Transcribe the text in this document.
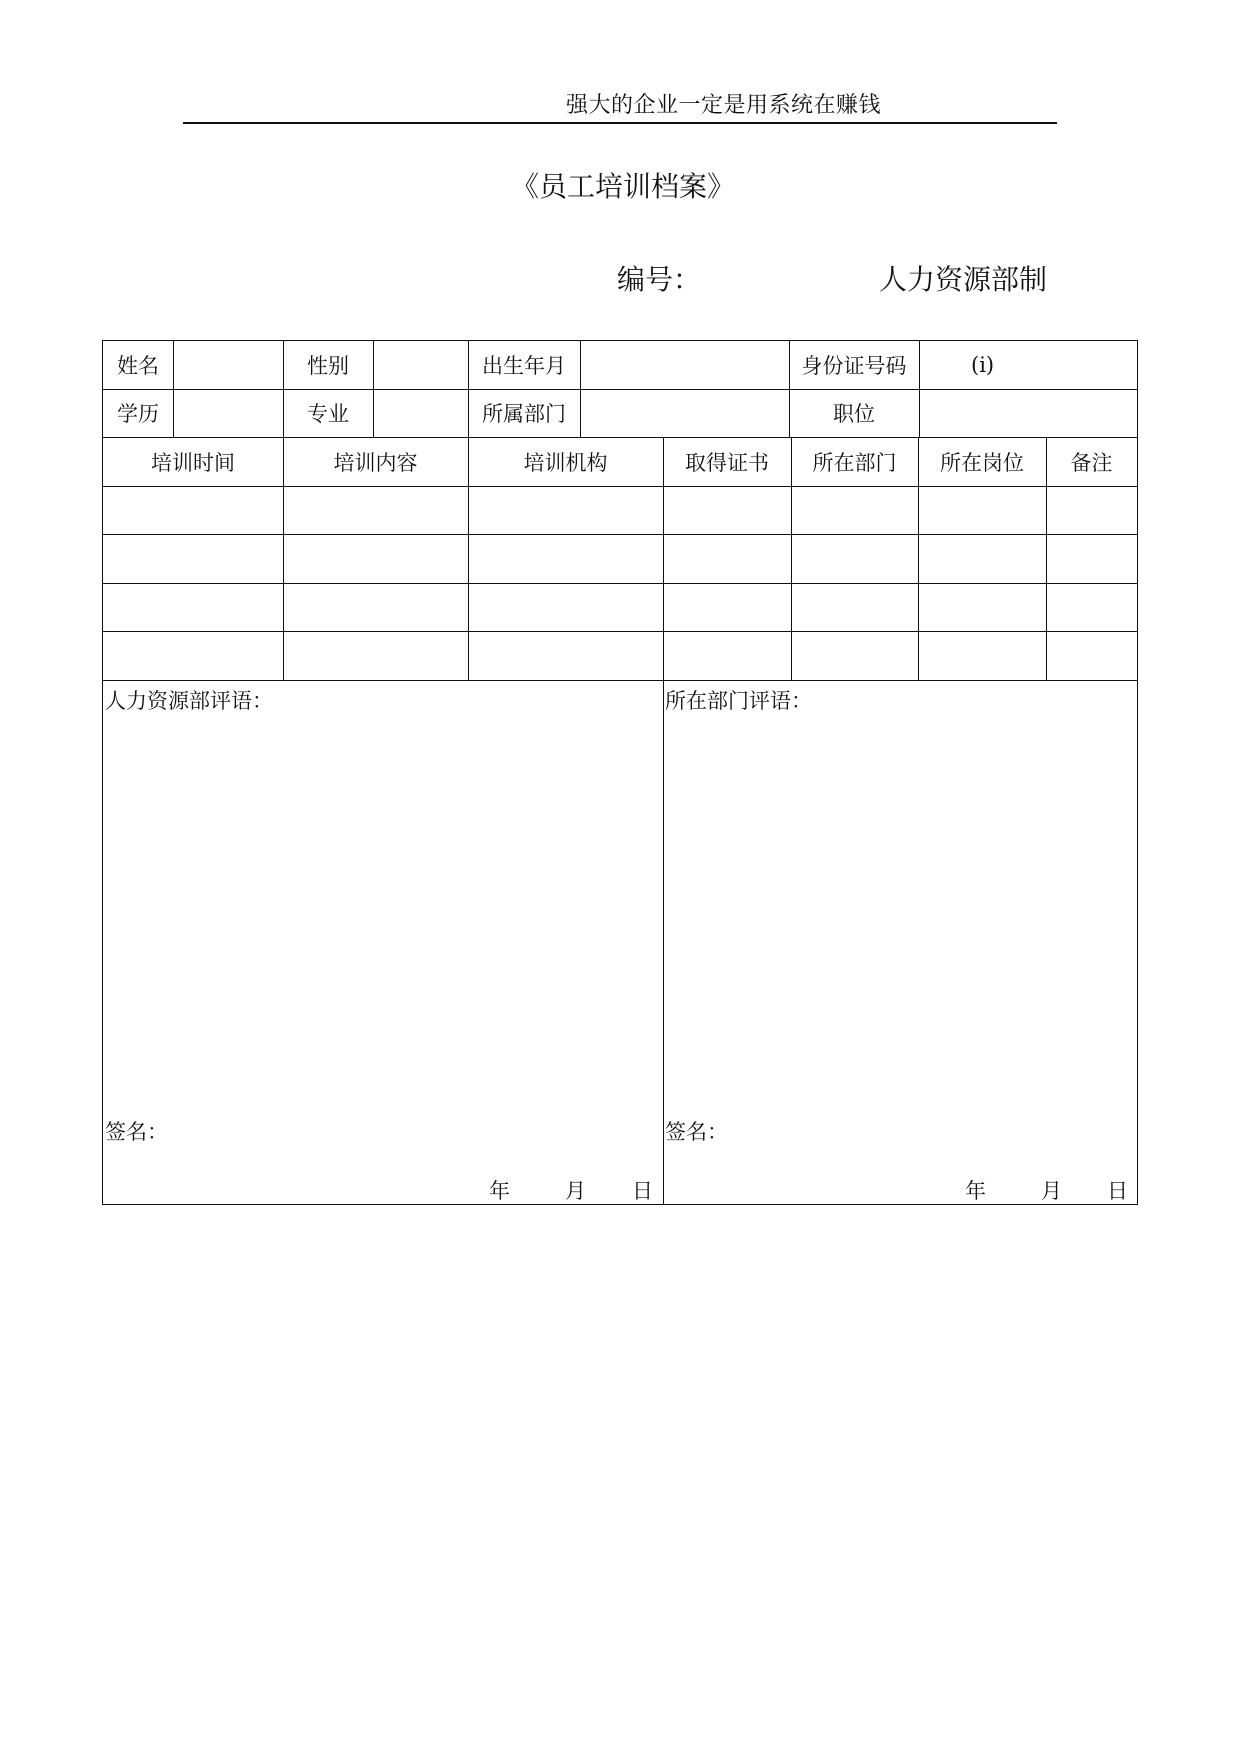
强大的企业一定是用系统在赚钱
《员工培训档案》
编号：	人力资源部制
姓名	性别	出生年月	身份证号码	(i)
学历	专业	所属部门	职位
培训时间	培训内容	培训机构	取得证书	所在部门	所在岗位	备注
人力资源部评语：
签名：
年	月 日
所在部门评语：
签名：
年	月 日
